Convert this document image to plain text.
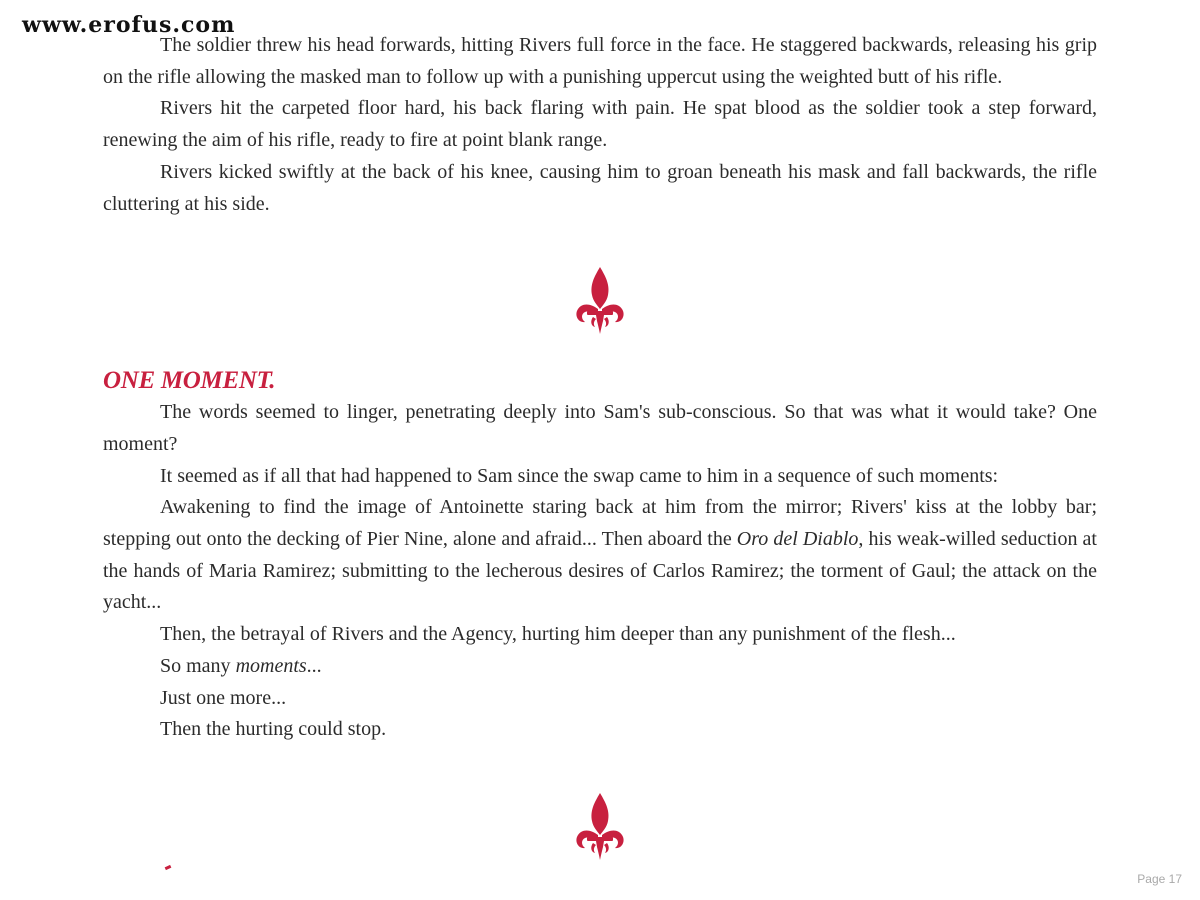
www.erofus.com

The soldier threw his head forwards, hitting Rivers full force in the face. He staggered backwards, releasing his grip on the rifle allowing the masked man to follow up with a punishing uppercut using the weighted butt of his rifle.

Rivers hit the carpeted floor hard, his back flaring with pain. He spat blood as the soldier took a step forward, renewing the aim of his rifle, ready to fire at point blank range.

Rivers kicked swiftly at the back of his knee, causing him to groan beneath his mask and fall backwards, the rifle cluttering at his side.

ONE MOMENT.

The words seemed to linger, penetrating deeply into Sam's sub-conscious. So that was what it would take? One moment?

It seemed as if all that had happened to Sam since the swap came to him in a sequence of such moments:

Awakening to find the image of Antoinette staring back at him from the mirror; Rivers' kiss at the lobby bar; stepping out onto the decking of Pier Nine, alone and afraid... Then aboard the Oro del Diablo, his weak-willed seduction at the hands of Maria Ramirez; submitting to the lecherous desires of Carlos Ramirez; the torment of Gaul; the attack on the yacht...

Then, the betrayal of Rivers and the Agency, hurting him deeper than any punishment of the flesh...

So many moments...

Just one more...

Then the hurting could stop.

Page 17
